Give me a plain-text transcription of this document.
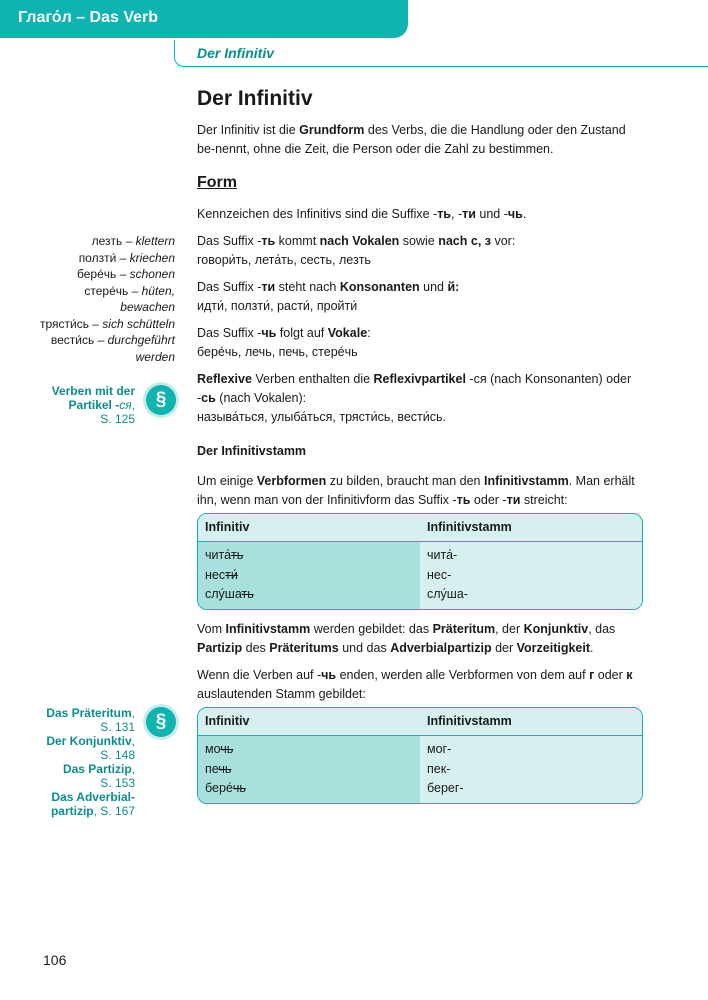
Глаго́л – Das Verb
Der Infinitiv
Der Infinitiv
Der Infinitiv ist die Grundform des Verbs, die die Handlung oder den Zustand be-nennt, ohne die Zeit, die Person oder die Zahl zu bestimmen.
Form
Kennzeichen des Infinitivs sind die Suffixe -ть, -ти und -чь.
Das Suffix -ть kommt nach Vokalen sowie nach с, з vor:
говори́ть, лета́ть, сесть, лезть
Das Suffix -ти steht nach Konsonanten und й:
идти́, ползти́, расти́, пройти́
Das Suffix -чь folgt auf Vokale:
берéчь, лечь, печь, стерéчь
Reflexive Verben enthalten die Reflexivpartikel -ся (nach Konsonanten) oder -сь (nach Vokalen):
называ́ться, улыба́ться, трясти́сь, вести́сь.
Der Infinitivstamm
Um einige Verbformen zu bilden, braucht man den Infinitivstamm. Man erhält ihn, wenn man von der Infinitivform das Suffix -ть oder -ти streicht:
Infinitiv	Infinitivstamm
чита́ть
нести́
слу́шать
чита́-
нес-
слу́ша-
Vom Infinitivstamm werden gebildet: das Präteritum, der Konjunktiv, das Partizip des Präteritums und das Adverbialpartizip der Vorzeitigkeit.
Wenn die Verben auf -чь enden, werden alle Verbformen von dem auf г oder к auslautenden Stamm gebildet:
Infinitiv	Infinitivstamm
мочь
печь
берéчь
мог-
пек-
берег-
лезть – klettern
ползти́ – kriechen
берéчь – schonen
стерéчь – hüten,
bewachen
трясти́сь – sich schütteln
вести́сь – durchgeführt
werden
Verben mit der
Partikel -ся,
S. 125
§
Das Präteritum,
S. 131
Der Konjunktiv,
S. 148
Das Partizip,
S. 153
Das Adverbial-
partizip, S. 167
§
106
